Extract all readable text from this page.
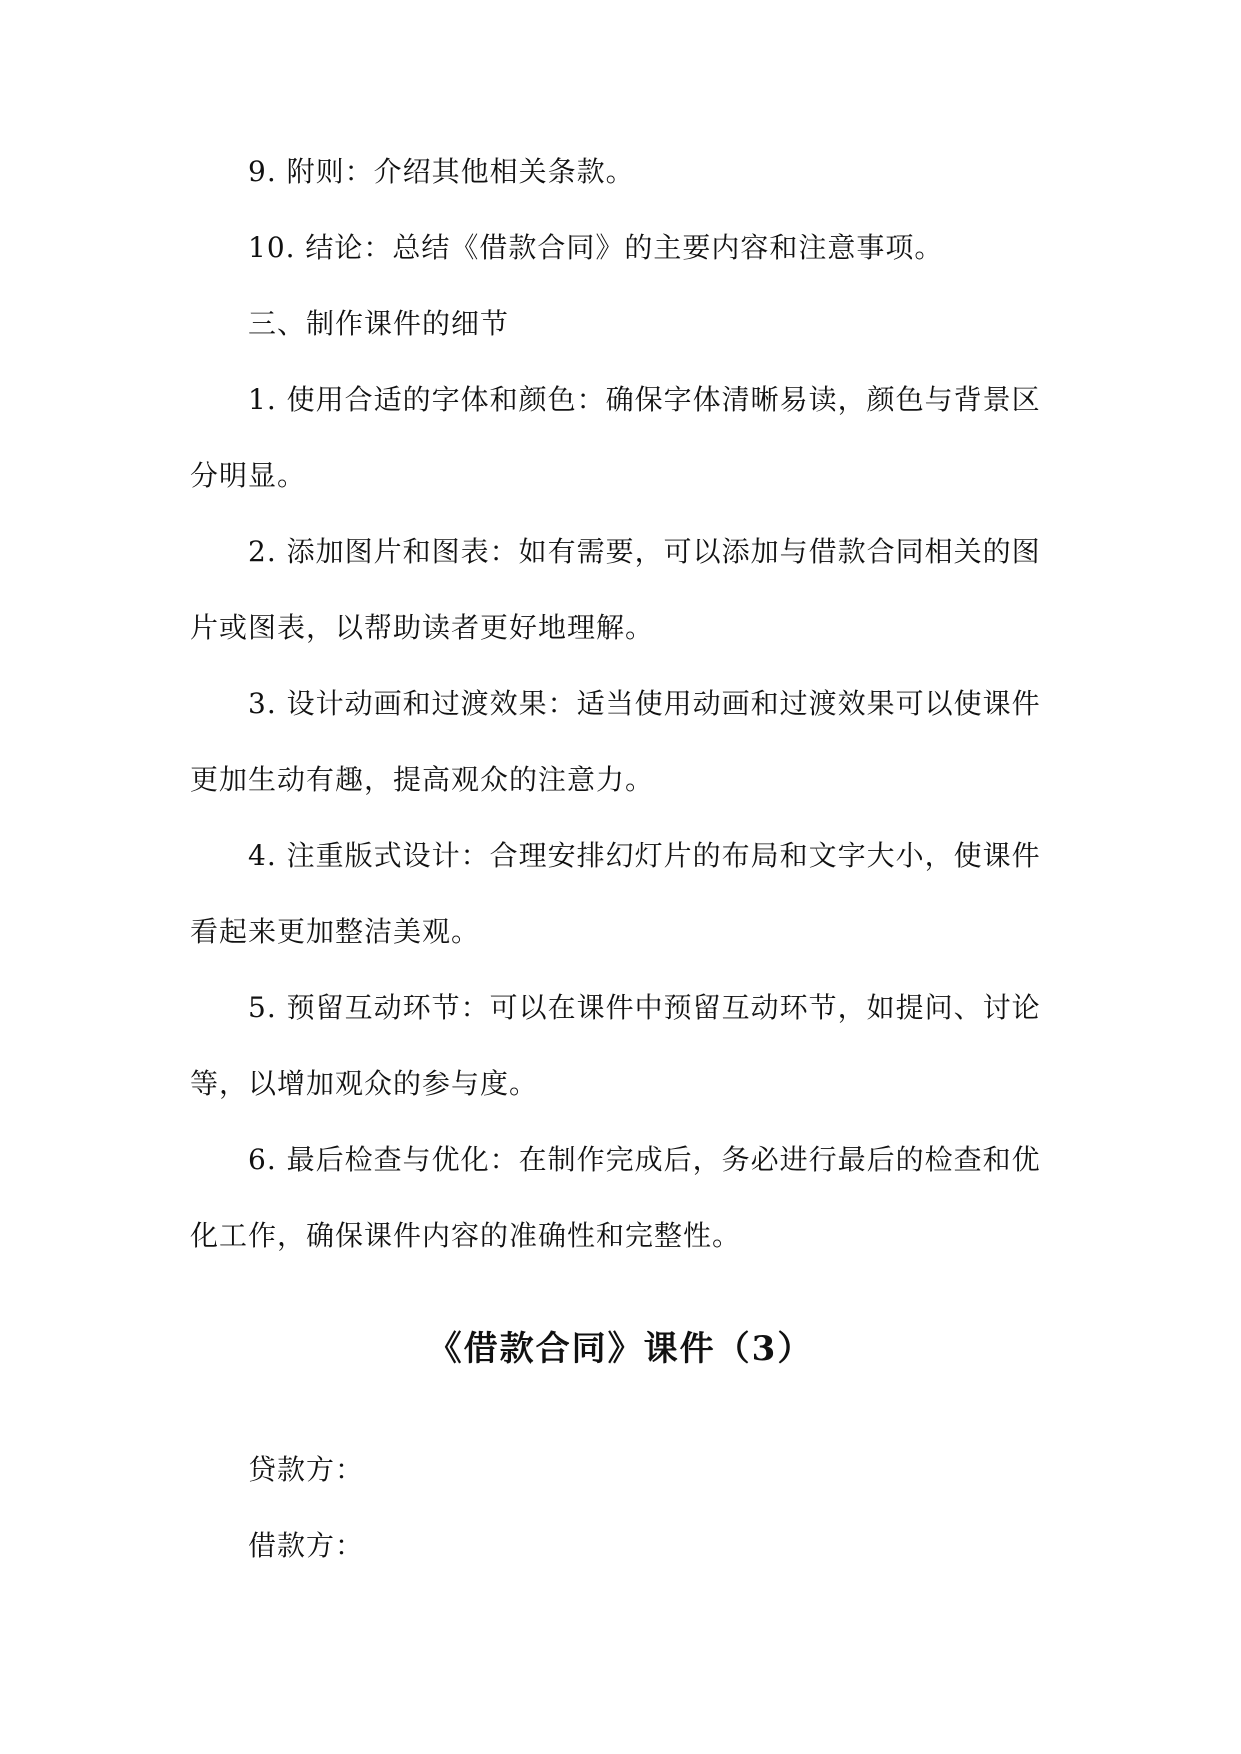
9. 附则：介绍其他相关条款。

10. 结论：总结《借款合同》的主要内容和注意事项。

三、制作课件的细节

1. 使用合适的字体和颜色：确保字体清晰易读，颜色与背景区分明显。

2. 添加图片和图表：如有需要，可以添加与借款合同相关的图片或图表，以帮助读者更好地理解。

3. 设计动画和过渡效果：适当使用动画和过渡效果可以使课件更加生动有趣，提高观众的注意力。

4. 注重版式设计：合理安排幻灯片的布局和文字大小，使课件看起来更加整洁美观。

5. 预留互动环节：可以在课件中预留互动环节，如提问、讨论等，以增加观众的参与度。

6. 最后检查与优化：在制作完成后，务必进行最后的检查和优化工作，确保课件内容的准确性和完整性。

《借款合同》课件（3）

贷款方：

借款方：
